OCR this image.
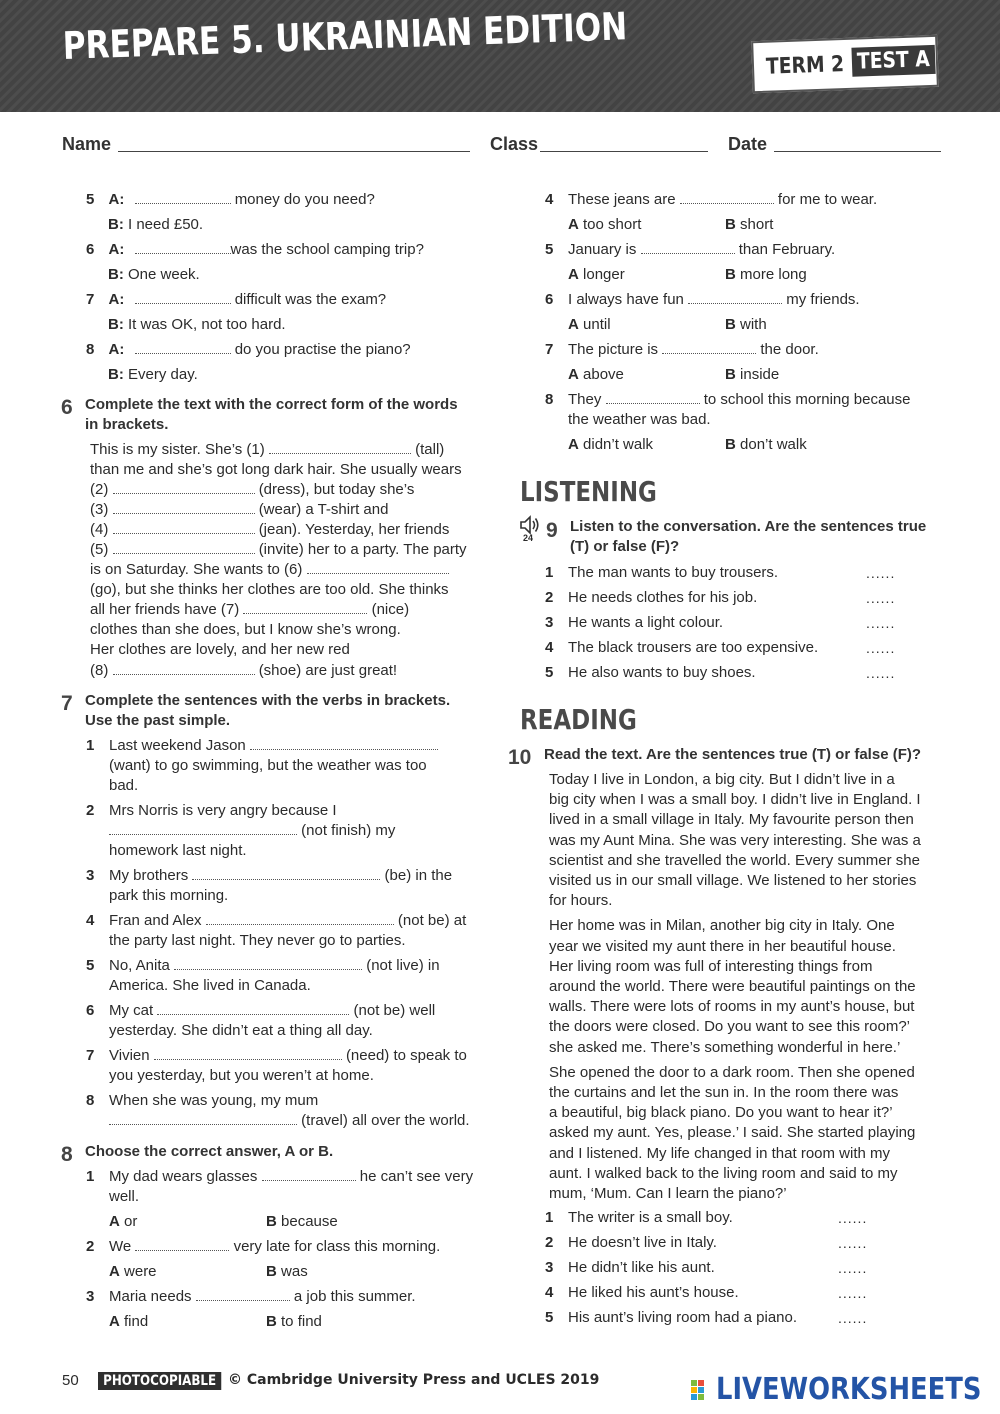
PREPARE 5. UKRAINIAN EDITION	TERM 2 TEST A
Name	Class	Date
5 A:	money do you need?
B: I need £50.
6 A:	was the school camping trip?
B: One week.
7 A:	difficult was the exam?
B: It was OK, not too hard.
8 A:	do you practise the piano?
B: Every day.
6 Complete the text with the correct form of the words
in brackets.
This is my sister. She’s (1)	(tall)
than me and she’s got long dark hair. She usually wears
(2)	(dress), but today she’s
(3)	(wear) a T-shirt and
(4)	(jean). Yesterday, her friends
(5)	(invite) her to a party. The party
is on Saturday. She wants to (6)
(go), but she thinks her clothes are too old. She thinks
all her friends have (7)	(nice)
clothes than she does, but I know she’s wrong.
Her clothes are lovely, and her new red
(8)	(shoe) are just great!
7 Complete the sentences with the verbs in brackets.
Use the past simple.
1 Last weekend Jason
(want) to go swimming, but the weather was too
bad.
2 Mrs Norris is very angry because I
(not finish) my
homework last night.
3 My brothers	(be) in the
park this morning.
4 Fran and Alex	(not be) at
the party last night. They never go to parties.
5 No, Anita	(not live) in
America. She lived in Canada.
6 My cat	(not be) well
yesterday. She didn’t eat a thing all day.
7 Vivien	(need) to speak to
you yesterday, but you weren’t at home.
8 When she was young, my mum
(travel) all over the world.
8 Choose the correct answer, A or B.
1 My dad wears glasses	he can’t see very
well.
A or	B because
2 We	very late for class this morning.
A were	B was
3 Maria needs	a job this summer.
A find	B to find
4 These jeans are	for me to wear.
A too short	B short
5 January is	than February.
A longer	B more long
6 I always have fun	my friends.
A until	B with
7 The picture is	the door.
A above	B inside
8 They	to school this morning because
the weather was bad.
A didn’t walk	B don’t walk
LISTENING
24 9 Listen to the conversation. Are the sentences true
(T) or false (F)?
1 The man wants to buy trousers.	......
2 He needs clothes for his job.	......
3 He wants a light colour.	......
4 The black trousers are too expensive.	......
5 He also wants to buy shoes.	......
READING
10 Read the text. Are the sentences true (T) or false (F)?
Today I live in London, a big city. But I didn’t live in a
big city when I was a small boy. I didn’t live in England. I
lived in a small village in Italy. My favourite person then
was my Aunt Mina. She was very interesting. She was a
scientist and she travelled the world. Every summer she
visited us in our small village. We listened to her stories
for hours.
Her home was in Milan, another big city in Italy. One
year we visited my aunt there in her beautiful house.
Her living room was full of interesting things from
around the world. There were beautiful paintings on the
walls. There were lots of rooms in my aunt’s house, but
the doors were closed. Do you want to see this room?’
she asked me. There’s something wonderful in here.’
She opened the door to a dark room. Then she opened
the curtains and let the sun in. In the room there was
a beautiful, big black piano. Do you want to hear it?’
asked my aunt. Yes, please.’ I said. She started playing
and I listened. My life changed in that room with my
aunt. I walked back to the living room and said to my
mum, ‘Mum. Can I learn the piano?’
1 The writer is a small boy.	......
2 He doesn’t live in Italy.	......
3 He didn’t like his aunt.	......
4 He liked his aunt’s house.	......
5 His aunt’s living room had a piano.	......
50	PHOTOCOPIABLE © Cambridge University Press and UCLES 2019	LIVEWORKSHEETS
